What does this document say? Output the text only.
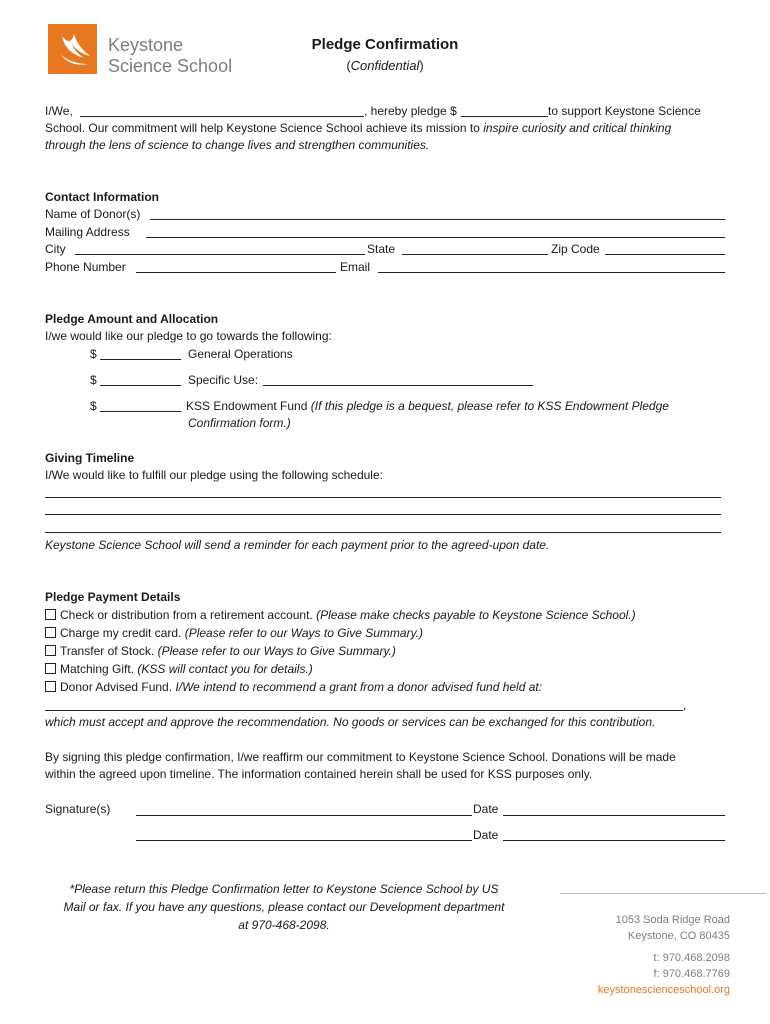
Keystone
Science School
Pledge Confirmation
(Confidential)
I/We,	, hereby pledge $	to support Keystone Science
School. Our commitment will help Keystone Science School achieve its mission to inspire curiosity and critical thinking
through the lens of science to change lives and strengthen communities.
Contact Information
Name of Donor(s)
Mailing Address
City	State	Zip Code
Phone Number	Email
Pledge Amount and Allocation
I/we would like our pledge to go towards the following:
$	General Operations
$	Specific Use:
$	KSS Endowment Fund (If this pledge is a bequest, please refer to KSS Endowment Pledge
Confirmation form.)
Giving Timeline
I/We would like to fulfill our pledge using the following schedule:
Keystone Science School will send a reminder for each payment prior to the agreed-upon date.
Pledge Payment Details
Check or distribution from a retirement account. (Please make checks payable to Keystone Science School.)
Charge my credit card. (Please refer to our Ways to Give Summary.)
Transfer of Stock. (Please refer to our Ways to Give Summary.)
Matching Gift. (KSS will contact you for details.)
Donor Advised Fund. I/We intend to recommend a grant from a donor advised fund held at:
,
which must accept and approve the recommendation. No goods or services can be exchanged for this contribution.
By signing this pledge confirmation, I/we reaffirm our commitment to Keystone Science School. Donations will be made
within the agreed upon timeline. The information contained herein shall be used for KSS purposes only.
Signature(s)	Date
Date
*Please return this Pledge Confirmation letter to Keystone Science School by US Mail or fax. If you have any questions, please contact our Development department at 970-468-2098.	1053 Soda Ridge Road
Keystone, CO 80435
t: 970.468.2098
f: 970.468.7769
keystonescienceschool.org
